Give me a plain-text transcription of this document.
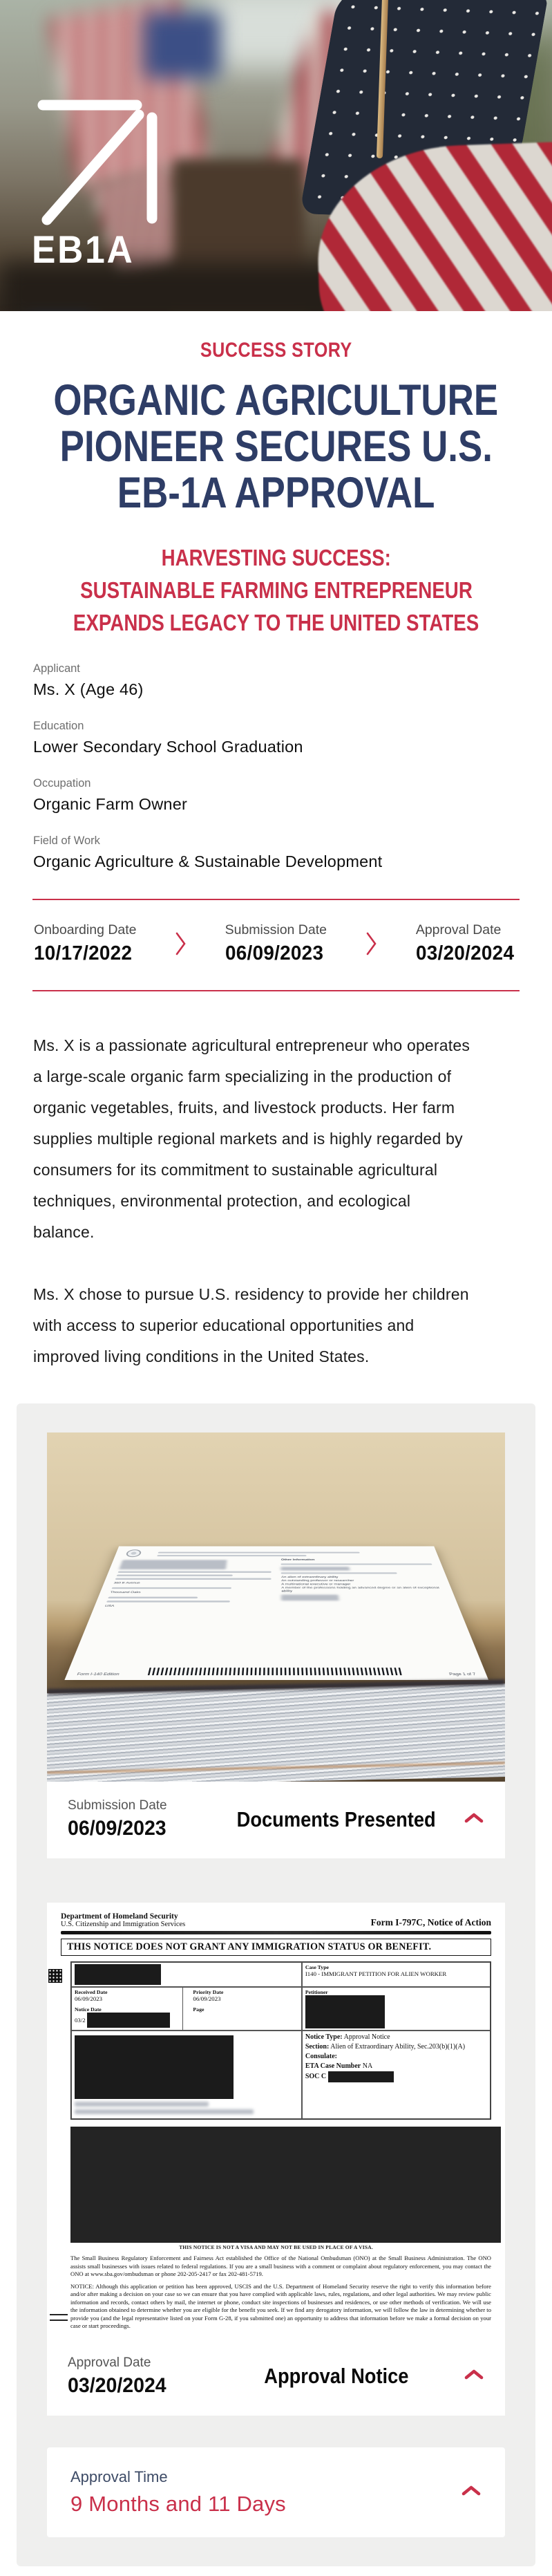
EB1A
SUCCESS STORY
ORGANIC AGRICULTURE
PIONEER SECURES U.S.
EB-1A APPROVAL
HARVESTING SUCCESS:
SUSTAINABLE FARMING ENTREPRENEUR
EXPANDS LEGACY TO THE UNITED STATES
Applicant
Ms. X (Age 46)
Education
Lower Secondary School Graduation
Occupation
Organic Farm Owner
Field of Work
Organic Agriculture & Sustainable Development
Onboarding Date
10/17/2022
Submission Date
06/09/2023
Approval Date
03/20/2024

Ms. X is a passionate agricultural entrepreneur who operates a large-scale organic farm specializing in the production of organic vegetables, fruits, and livestock products. Her farm supplies multiple regional markets and is highly regarded by consumers for its commitment to sustainable agricultural techniques, environmental protection, and ecological balance.

Ms. X chose to pursue U.S. residency to provide her children with access to superior educational opportunities and improved living conditions in the United States.

360 E Avenue
Thousand Oaks
USA
Other Information
An alien of extraordinary ability
An outstanding professor or researcher
A multinational executive or manager
A member of the professions holding an advanced degree or an alien of exceptional ability
Form I-140 Edition	Page 1 of 7
Submission Date
06/09/2023	Documents Presented
Department of Homeland Security
U.S. Citizenship and Immigration Services	Form I-797C, Notice of Action
THIS NOTICE DOES NOT GRANT ANY IMMIGRATION STATUS OR BENEFIT.
Case Type
I140 - IMMIGRANT PETITION FOR ALIEN WORKER
Received Date
06/09/2023
Notice Date
03/2
Priority Date
06/09/2023
Page
Petitioner
Notice Type: Approval Notice
Section: Alien of Extraordinary Ability, Sec.203(b)(1)(A)
Consulate:
ETA Case Number NA
SOC C
THIS NOTICE IS NOT A VISA AND MAY NOT BE USED IN PLACE OF A VISA.

The Small Business Regulatory Enforcement and Fairness Act established the Office of the National Ombudsman (ONO) at the Small Business Administration. The ONO assists small businesses with issues related to federal regulations. If you are a small business with a comment or complaint about regulatory enforcement, you may contact the ONO at www.sba.gov/ombudsman or phone 202-205-2417 or fax 202-481-5719.

NOTICE: Although this application or petition has been approved, USCIS and the U.S. Department of Homeland Security reserve the right to verify this information before and/or after making a decision on your case so we can ensure that you have complied with applicable laws, rules, regulations, and other legal authorities. We may review public information and records, contact others by mail, the internet or phone, conduct site inspections of businesses and residences, or use other methods of verification. We will use the information obtained to determine whether you are eligible for the benefit you seek. If we find any derogatory information, we will follow the law in determining whether to provide you (and the legal representative listed on your Form G-28, if you submitted one) an opportunity to address that information before we make a formal decision on your case or start proceedings.

Approval Date
03/20/2024	Approval Notice
Approval Time
9 Months and 11 Days
